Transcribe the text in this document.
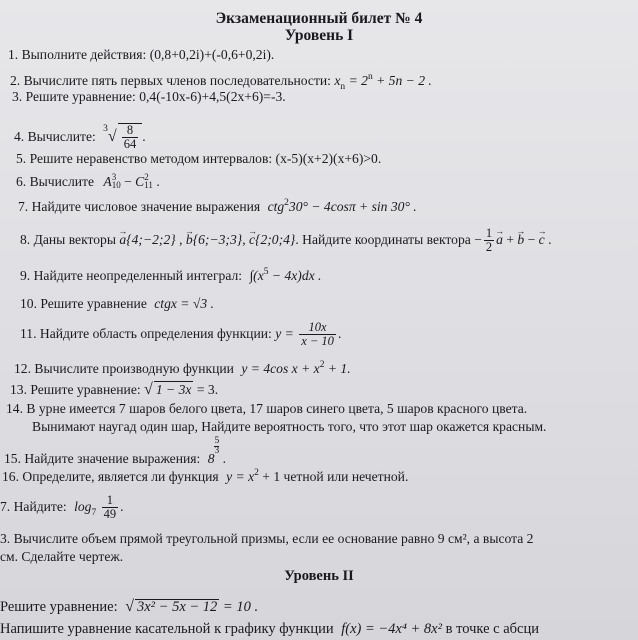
Экзаменационный билет № 4
Уровень I
1. Выполните действия: (0,8+0,2i)+(-0,6+0,2i).
2. Вычислите пять первых членов последовательности: $x_n = 2^n + 5n - 2$ .
3. Решите уравнение: 0,4(-10x-6)+4,5(2x+6)=-3.
4. Вычислите: $^3√ \frac{8}{64}$ .
5. Решите неравенство методом интервалов: (x-5)(x+2)(x+6)>0.
6. Вычислите A 3
10 − C 2
11 .
7. Найдите числовое значение выражения ctg$^2$30° − 4cosπ + sin 30° .
8. Даны векторы → a{4;−2;2} , → b{6;−3;3}, → c{2;0;4}. Найдите координаты вектора − $\frac{1}{2}$
→ a + → b − → c .
9. Найдите неопределенный интеграл: $\int(x^5 - 4x)dx$ .
10. Решите уравнение ctgx = √3 .
11. Найдите область определения функции: $y = \frac{10x}{x - 10}$ .
12. Вычислите производную функции y = 4cos $x + x^2 + 1$.
13. Решите уравнение: √ 1 − 3x = 3.
14. В урне имеется 7 шаров белого цвета, 17 шаров синего цвета, 5 шаров красного цвета.
Вынимают наугад один шар, Найдите вероятность того, что этот шар окажется красным.
15. Найдите значение выражения: 8
$\frac{5}{3}$
.
16. Определите, является ли функция $y = x^2 + 1$ четной или нечетной.
7. Найдите: $\log_7 \frac{1}{49}$ .
3. Вычислите объем прямой треугольной призмы, если ее основание равно 9 см², а высота 2
см. Сделайте чертеж.
Уровень II
Решите уравнение: √ 3x² − 5x − 12 = 10 .
Напишите уравнение касательной к графику функции f(x) = −4x⁴ + 8x² в точке с абсци
